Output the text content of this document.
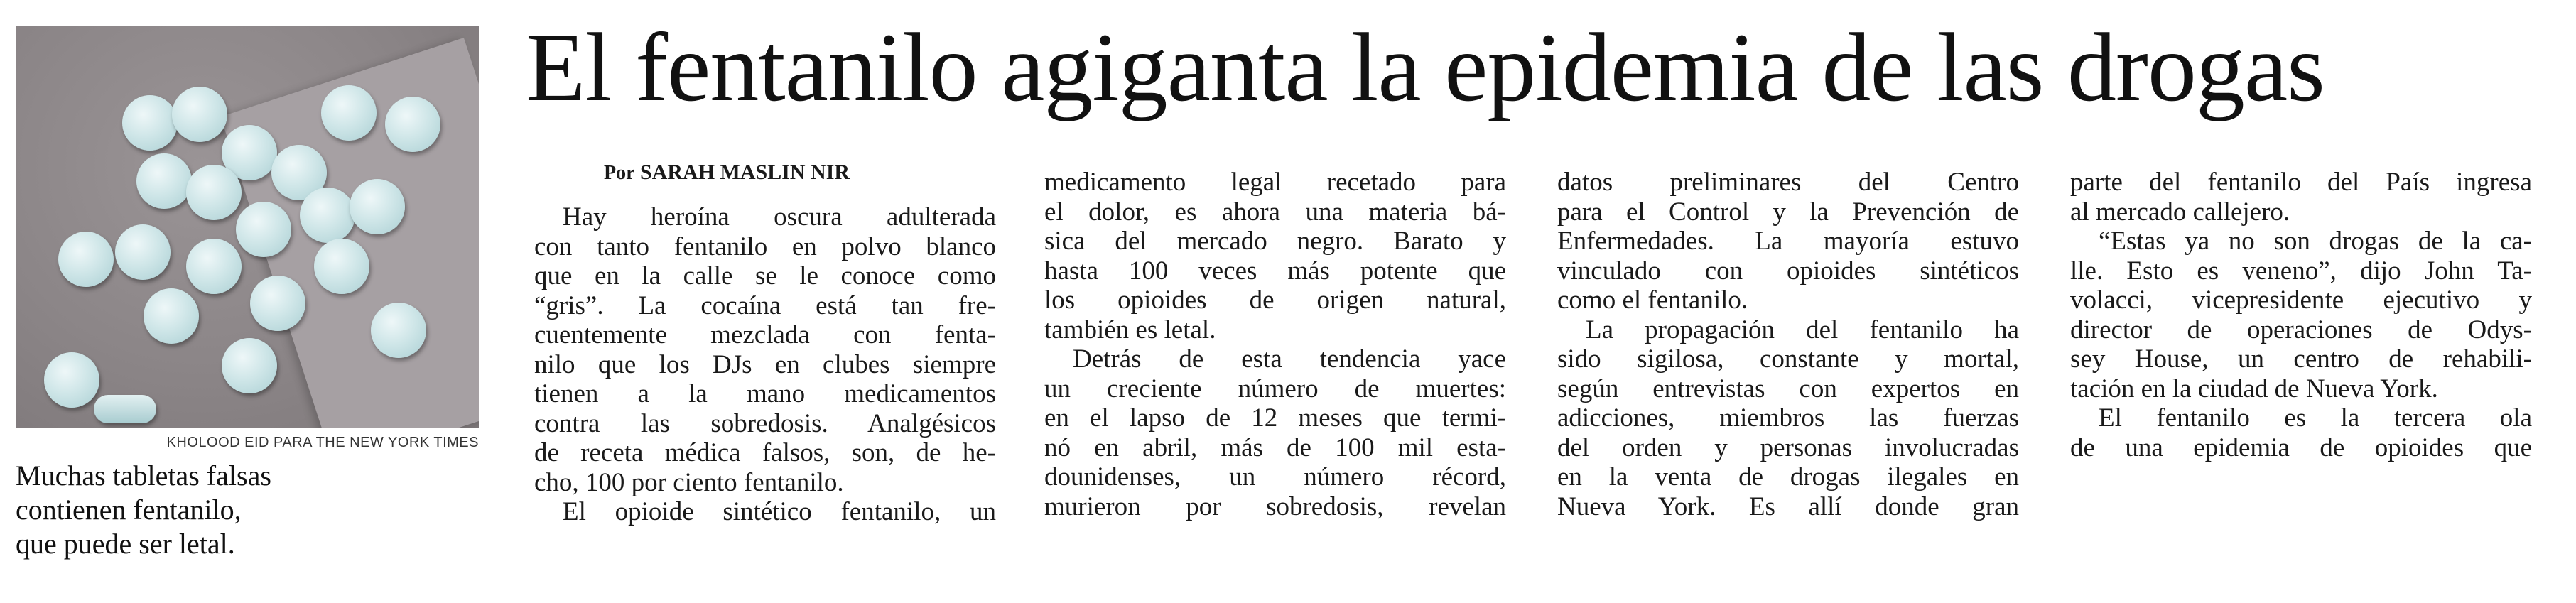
KHOLOOD EID PARA THE NEW YORK TIMES
Muchas tabletas falsas
contienen fentanilo,
que puede ser letal.
El fentanilo agiganta la epidemia de las drogas
Por SARAH MASLIN NIR
Hay heroína oscura adulterada
con tanto fentanilo en polvo blanco
que en la calle se le conoce como
“gris”. La cocaína está tan fre-
cuentemente mezclada con fenta-
nilo que los DJs en clubes siempre
tienen a la mano medicamentos
contra las sobredosis. Analgésicos
de receta médica falsos, son, de he-
cho, 100 por ciento fentanilo.
El opioide sintético fentanilo, un
medicamento legal recetado para
el dolor, es ahora una materia bá-
sica del mercado negro. Barato y
hasta 100 veces más potente que
los opioides de origen natural,
también es letal.
Detrás de esta tendencia yace
un creciente número de muertes:
en el lapso de 12 meses que termi-
nó en abril, más de 100 mil esta-
dounidenses, un número récord,
murieron por sobredosis, revelan
datos preliminares del Centro
para el Control y la Prevención de
Enfermedades. La mayoría estuvo
vinculado con opioides sintéticos
como el fentanilo.
La propagación del fentanilo ha
sido sigilosa, constante y mortal,
según entrevistas con expertos en
adicciones, miembros las fuerzas
del orden y personas involucradas
en la venta de drogas ilegales en
Nueva York. Es allí donde gran
parte del fentanilo del País ingresa
al mercado callejero.
“Estas ya no son drogas de la ca-
lle. Esto es veneno”, dijo John Ta-
volacci, vicepresidente ejecutivo y
director de operaciones de Odys-
sey House, un centro de rehabili-
tación en la ciudad de Nueva York.
El fentanilo es la tercera ola
de una epidemia de opioides que
